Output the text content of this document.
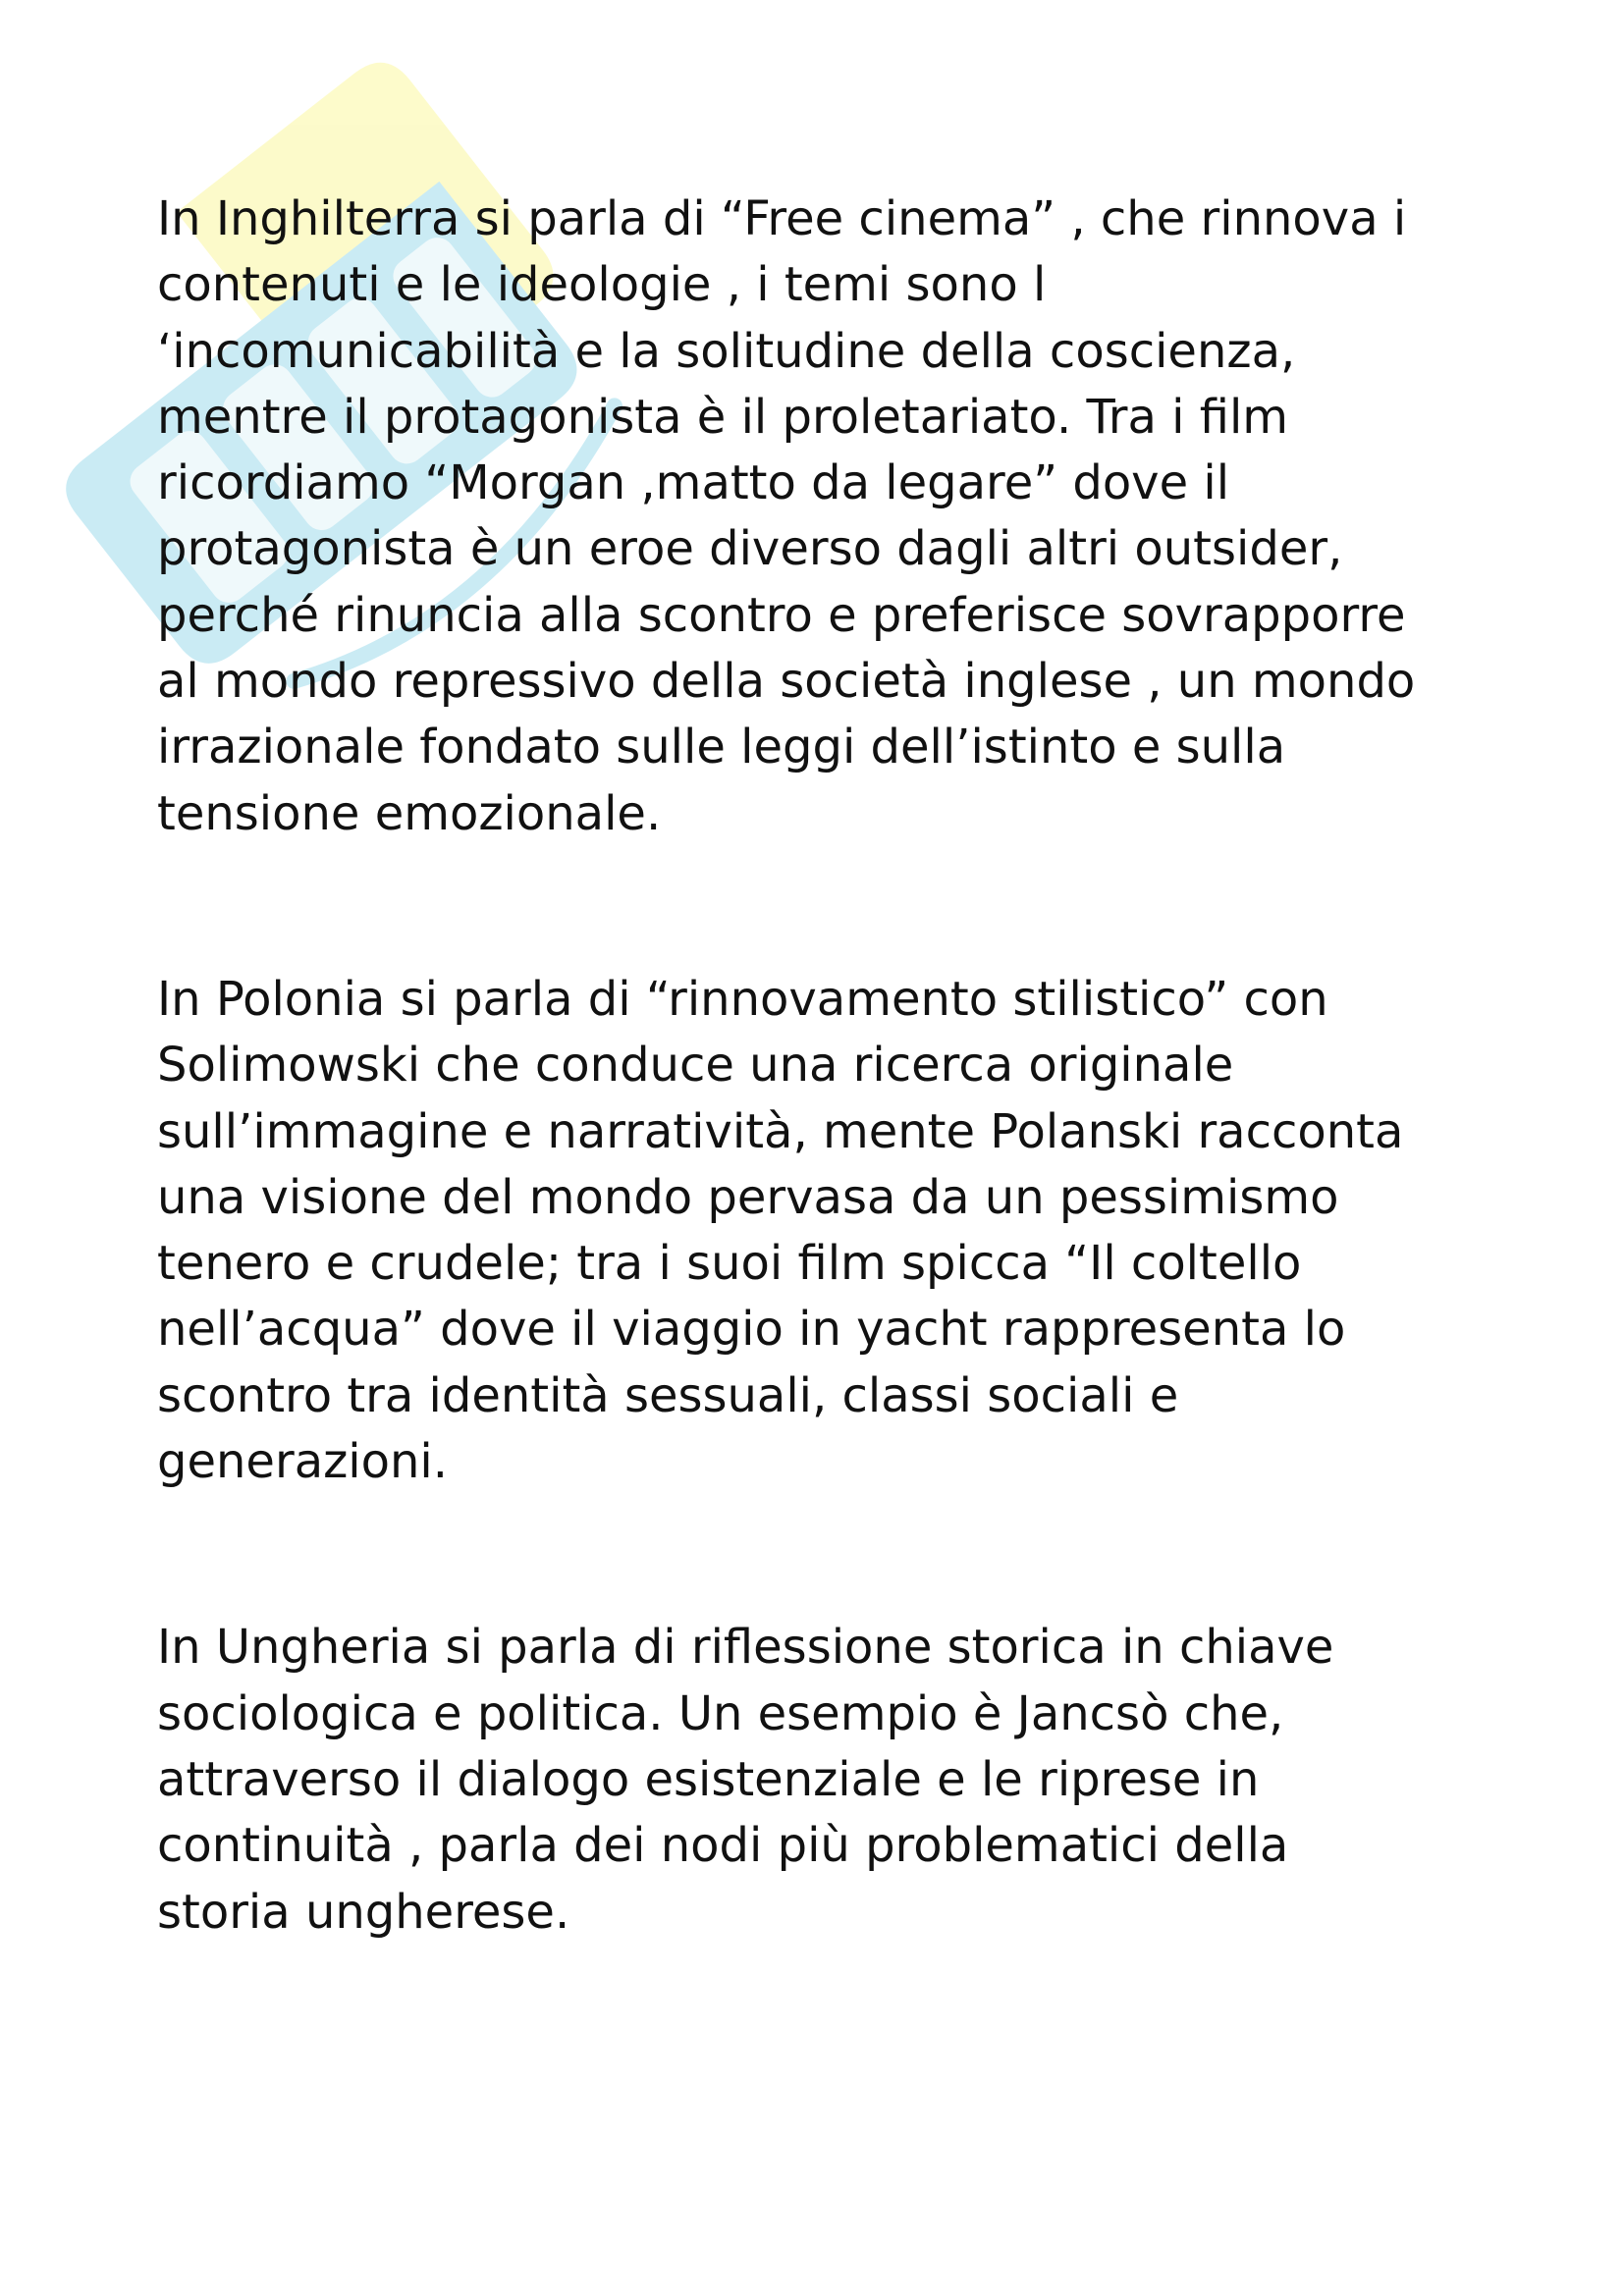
In Inghilterra si parla di “Free cinema” , che rinnova i
contenuti e le ideologie , i temi sono l
‘incomunicabilità e la solitudine della coscienza,
mentre il protagonista è il proletariato. Tra i film
ricordiamo “Morgan ,matto da legare” dove il
protagonista è un eroe diverso dagli altri outsider,
perché rinuncia alla scontro e preferisce sovrapporre
al mondo repressivo della società inglese , un mondo
irrazionale fondato sulle leggi dell’istinto e sulla
tensione emozionale.

In Polonia si parla di “rinnovamento stilistico” con
Solimowski che conduce una ricerca originale
sull’immagine e narratività, mente Polanski racconta
una visione del mondo pervasa da un pessimismo
tenero e crudele; tra i suoi film spicca “Il coltello
nell’acqua” dove il viaggio in yacht rappresenta lo
scontro tra identità sessuali, classi sociali e
generazioni.

In Ungheria si parla di riflessione storica in chiave
sociologica e politica. Un esempio è Jancsò che,
attraverso il dialogo esistenziale e le riprese in
continuità , parla dei nodi più problematici della
storia ungherese.
